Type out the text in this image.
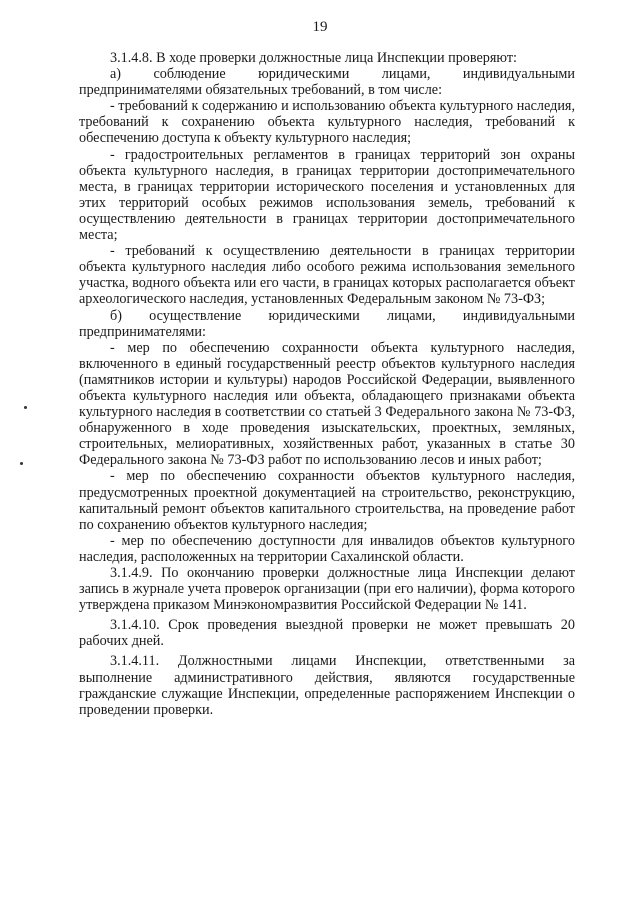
19

3.1.4.8. В ходе проверки должностные лица Инспекции проверяют:

а) соблюдение юридическими лицами, индивидуальными предпринимателями обязательных требований, в том числе:

- требований к содержанию и использованию объекта культурного наследия, требований к сохранению объекта культурного наследия, требований к обеспечению доступа к объекту культурного наследия;

- градостроительных регламентов в границах территорий зон охраны объекта культурного наследия, в границах территории достопримечательного места, в границах территории исторического поселения и установленных для этих территорий особых режимов использования земель, требований к осуществлению деятельности в границах территории достопримечательного места;

- требований к осуществлению деятельности в границах территории объекта культурного наследия либо особого режима использования земельного участка, водного объекта или его части, в границах которых располагается объект археологического наследия, установленных Федеральным законом № 73-ФЗ;

б) осуществление юридическими лицами, индивидуальными предпринимателями:

- мер по обеспечению сохранности объекта культурного наследия, включенного в единый государственный реестр объектов культурного наследия (памятников истории и культуры) народов Российской Федерации, выявленного объекта культурного наследия или объекта, обладающего признаками объекта культурного наследия в соответствии со статьей 3 Федерального закона № 73-ФЗ, обнаруженного в ходе проведения изыскательских, проектных, земляных, строительных, мелиоративных, хозяйственных работ, указанных в статье 30 Федерального закона № 73-ФЗ работ по использованию лесов и иных работ;

- мер по обеспечению сохранности объектов культурного наследия, предусмотренных проектной документацией на строительство, реконструкцию, капитальный ремонт объектов капитального строительства, на проведение работ по сохранению объектов культурного наследия;

- мер по обеспечению доступности для инвалидов объектов культурного наследия, расположенных на территории Сахалинской области.

3.1.4.9. По окончанию проверки должностные лица Инспекции делают запись в журнале учета проверок организации (при его наличии), форма которого утверждена приказом Минэкономразвития Российской Федерации № 141.

3.1.4.10. Срок проведения выездной проверки не может превышать 20 рабочих дней.

3.1.4.11. Должностными лицами Инспекции, ответственными за выполнение административного действия, являются государственные гражданские служащие Инспекции, определенные распоряжением Инспекции о проведении проверки.
